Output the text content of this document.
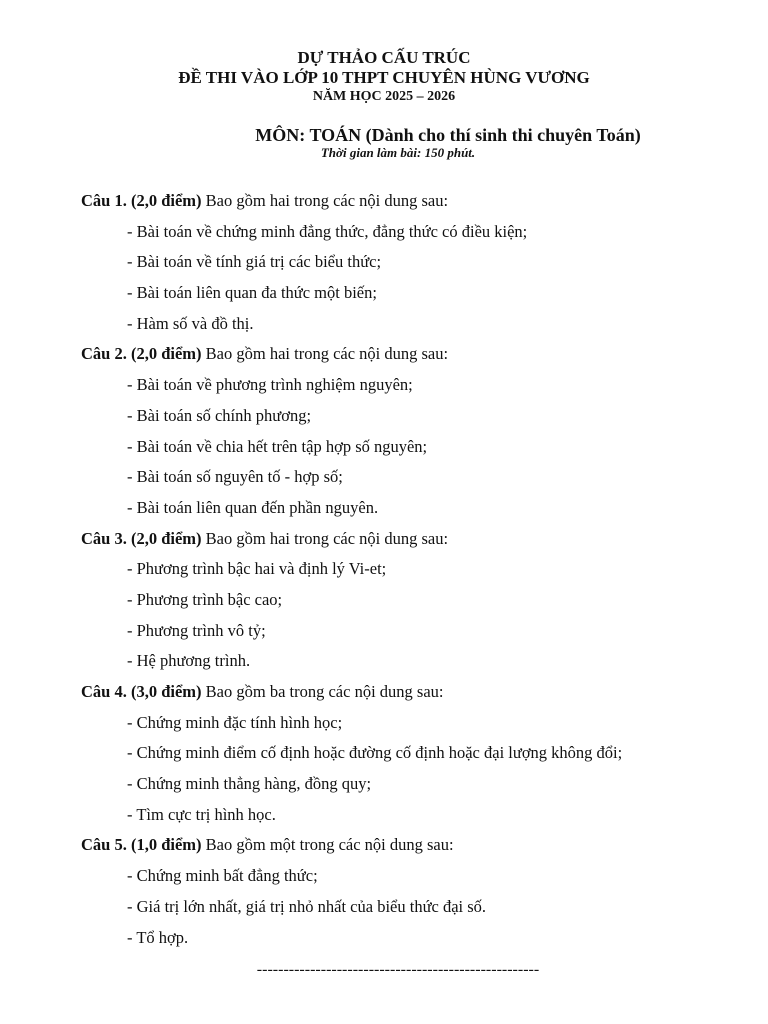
DỰ THẢO CẤU TRÚC
ĐỀ THI VÀO LỚP 10 THPT CHUYÊN HÙNG VƯƠNG
NĂM HỌC 2025 – 2026
MÔN: TOÁN (Dành cho thí sinh thi chuyên Toán)
Thời gian làm bài: 150 phút.
Câu 1. (2,0 điểm) Bao gồm hai trong các nội dung sau:
- Bài toán về chứng minh đẳng thức, đẳng thức có điều kiện;
- Bài toán về tính giá trị các biểu thức;
- Bài toán liên quan đa thức một biến;
- Hàm số và đồ thị.
Câu 2. (2,0 điểm) Bao gồm hai trong các nội dung sau:
- Bài toán về phương trình nghiệm nguyên;
- Bài toán số chính phương;
- Bài toán về chia hết trên tập hợp số nguyên;
- Bài toán số nguyên tố - hợp số;
- Bài toán liên quan đến phần nguyên.
Câu 3. (2,0 điểm) Bao gồm hai trong các nội dung sau:
- Phương trình bậc hai và định lý Vi-et;
- Phương trình bậc cao;
- Phương trình vô tỷ;
- Hệ phương trình.
Câu 4. (3,0 điểm) Bao gồm ba trong các nội dung sau:
- Chứng minh đặc tính hình học;
- Chứng minh điểm cố định hoặc đường cố định hoặc đại lượng không đổi;
- Chứng minh thẳng hàng, đồng quy;
- Tìm cực trị hình học.
Câu 5. (1,0 điểm) Bao gồm một trong các nội dung sau:
- Chứng minh bất đẳng thức;
- Giá trị lớn nhất, giá trị nhỏ nhất của biểu thức đại số.
- Tổ hợp.
-----------------------------------------------------
